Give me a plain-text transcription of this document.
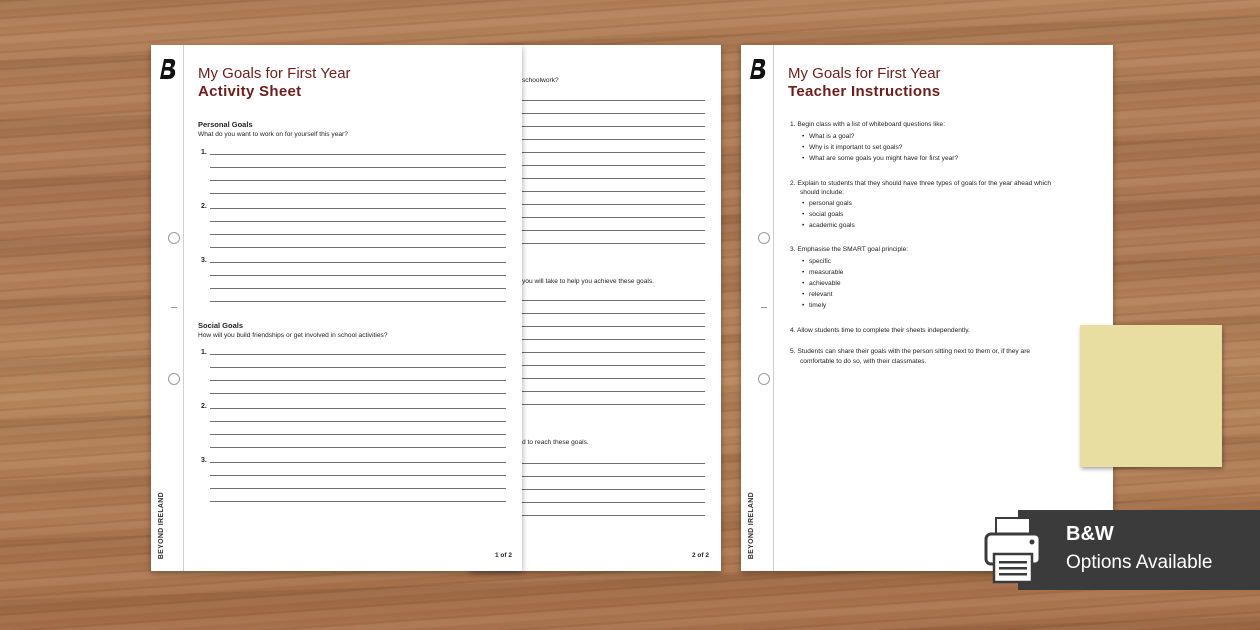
schoolwork?
you will take to help you achieve these goals.
d to reach these goals.
2 of 2
BEYOND IRELAND
My Goals for First Year
Activity Sheet
Personal Goals
What do you want to work on for yourself this year?
1.
2.
3.
Social Goals
How will you build friendships or get involved in school activities?
1.
2.
3.
1 of 2	BEYOND IRELAND
My Goals for First Year
Teacher Instructions
1. Begin class with a list of whiteboard questions like:
• What is a goal?
• Why is it important to set goals?
• What are some goals you might have for first year?
2. Explain to students that they should have three types of goals for the year ahead which
should include:
• personal goals
• social goals
• academic goals
3. Emphasise the SMART goal principle:
• specific
• measurable
• achievable
• relevant
• timely
4. Allow students time to complete their sheets independently.
5. Students can share their goals with the person sitting next to them or, if they are
comfortable to do so, with their classmates.
B&W
Options Available
